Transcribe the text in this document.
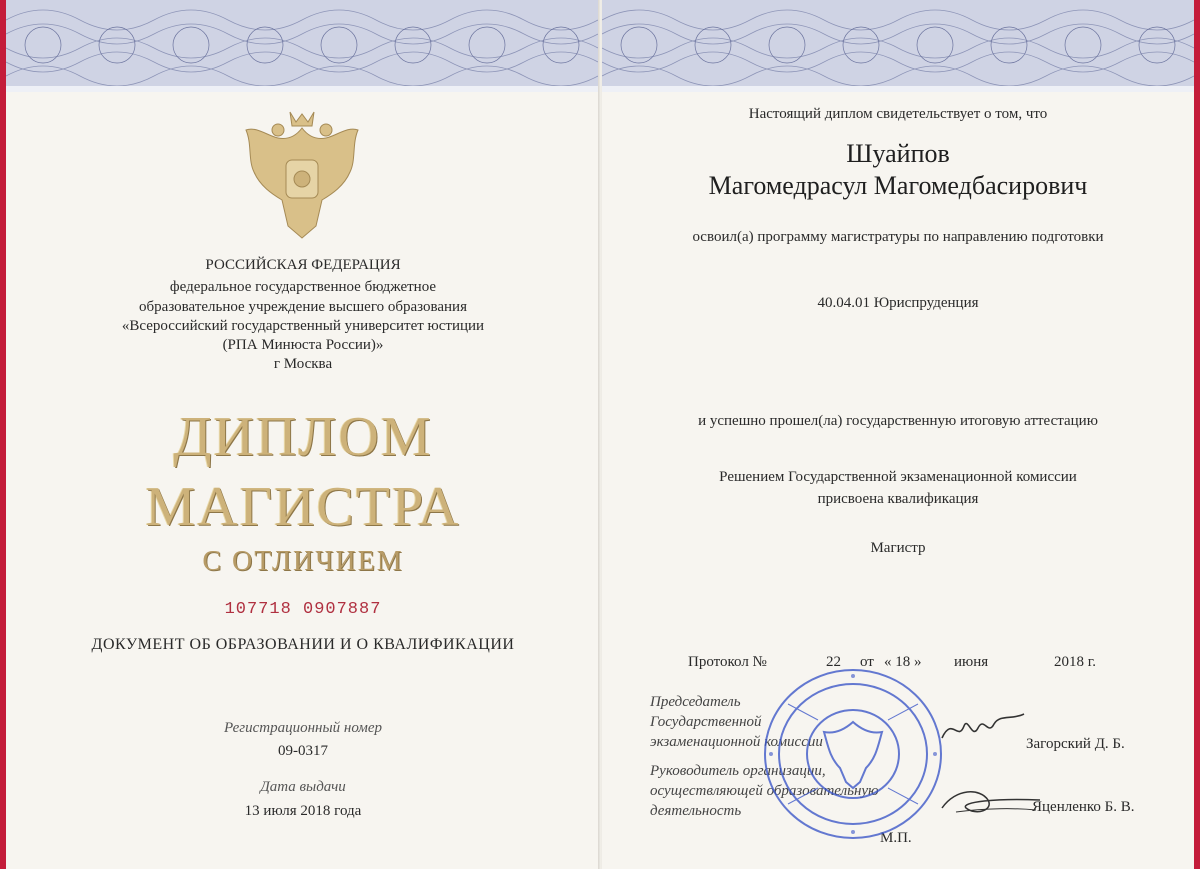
РОССИЙСКАЯ ФЕДЕРАЦИЯ
федеральное государственное бюджетное
образовательное учреждение высшего образования
«Всероссийский государственный университет юстиции
(РПА Минюста России)»
г Москва
ДИПЛОМ
МАГИСТРА
С ОТЛИЧИЕМ
107718 0907887
ДОКУМЕНТ ОБ ОБРАЗОВАНИИ И О КВАЛИФИКАЦИИ
Регистрационный номер
09-0317
Дата выдачи
13 июля 2018 года
Настоящий диплом свидетельствует о том, что
Шуайпов
Магомедрасул Магомедбасирович
освоил(а) программу магистратуры по направлению подготовки
40.04.01 Юриспруденция
и успешно прошел(ла) государственную итоговую аттестацию
Решением Государственной экзаменационной комиссии
присвоена квалификация
Магистр
Протокол №	22 от « 18 » июня	2018 г.
Председатель
Государственной
экзаменационной комиссии	Загорский Д. Б.
Руководитель организации,
осуществляющей образовательную
деятельность	Яценленко Б. В.
М.П.
